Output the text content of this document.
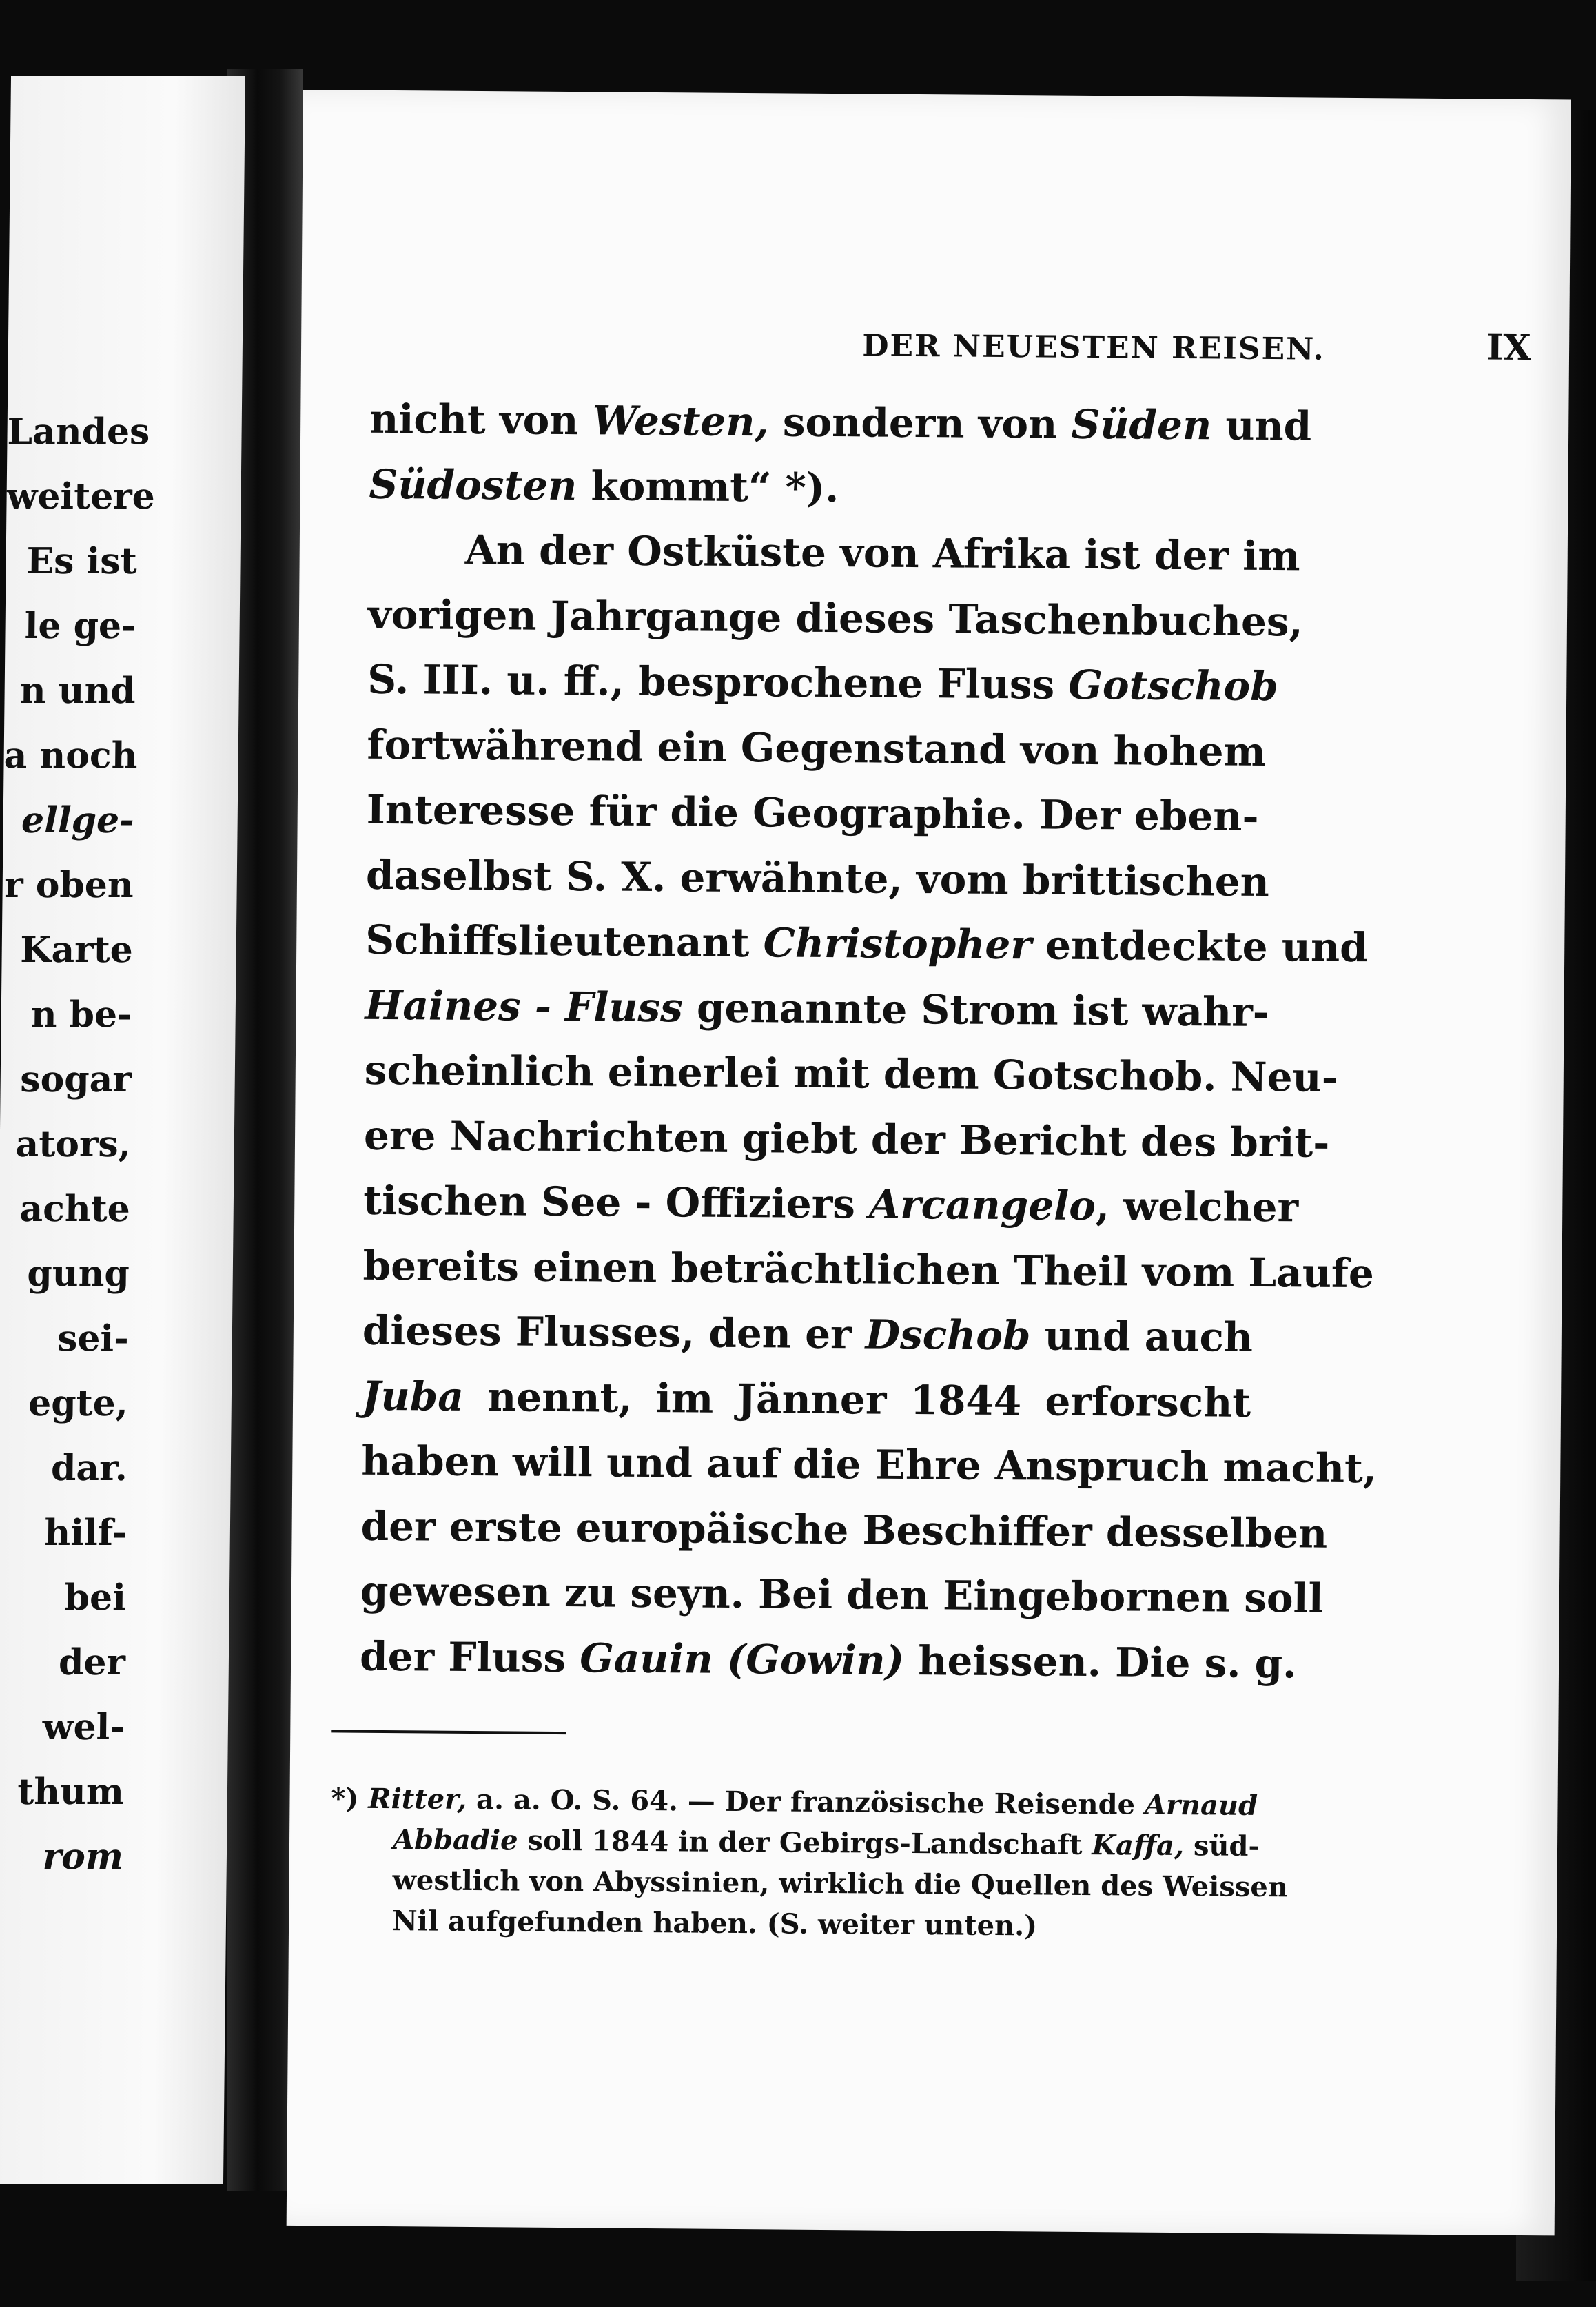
Landes
weitere
Es ist
le ge-
n und
a noch
ellge-
r oben
Karte
n be-
sogar
ators,
achte
gung
sei-
egte,
dar.
hilf-
bei
der
wel-
thum
rom
DER NEUESTEN REISEN.	IX
nicht von Westen, sondern von Süden und
Südosten kommt“ *).
An der Ostküste von Afrika ist der im
vorigen Jahrgange dieses Taschenbuches,
S. III. u. ff., besprochene Fluss Gotschob
fortwährend ein Gegenstand von hohem
Interesse für die Geographie. Der eben-
daselbst S. X. erwähnte, vom brittischen
Schiffslieutenant Christopher entdeckte und
Haines - Fluss genannte Strom ist wahr-
scheinlich einerlei mit dem Gotschob. Neu-
ere Nachrichten giebt der Bericht des brit-
tischen See - Offiziers Arcangelo, welcher
bereits einen beträchtlichen Theil vom Laufe
dieses Flusses, den er Dschob und auch
Juba nennt, im Jänner 1844 erforscht
haben will und auf die Ehre Anspruch macht,
der erste europäische Beschiffer desselben
gewesen zu seyn. Bei den Eingebornen soll
der Fluss Gauin (Gowin) heissen. Die s. g.
*) Ritter, a. a. O. S. 64. — Der französische Reisende Arnaud
Abbadie soll 1844 in der Gebirgs-Landschaft Kaffa, süd-
westlich von Abyssinien, wirklich die Quellen des Weissen
Nil aufgefunden haben. (S. weiter unten.)
